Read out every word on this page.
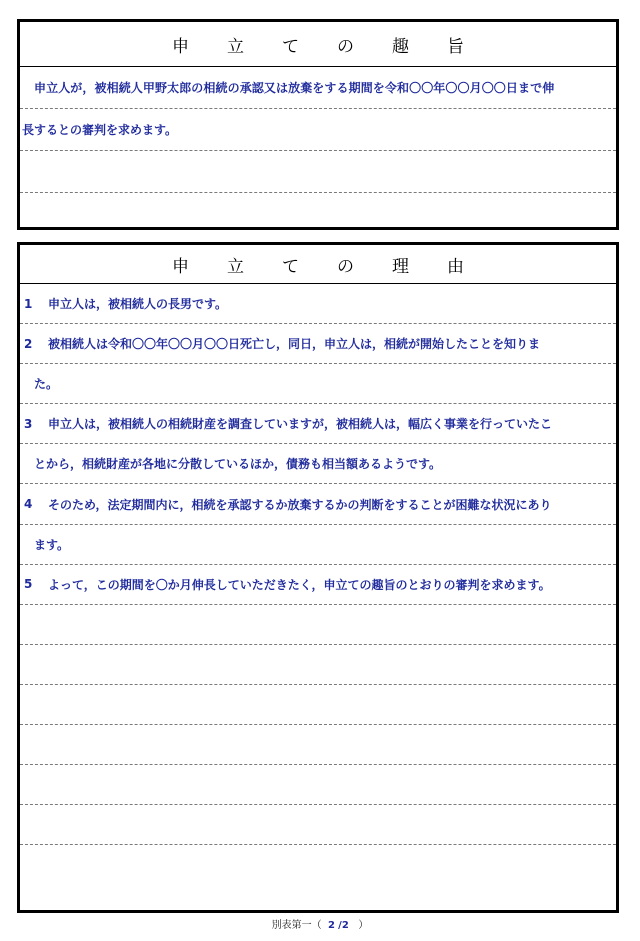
申立ての趣旨
申立人が，被相続人甲野太郎の相続の承認又は放棄をする期間を令和〇〇年〇〇月〇〇日まで伸
長するとの審判を求めます。
申立ての理由
1	申立人は，被相続人の長男です。
2	被相続人は令和〇〇年〇〇月〇〇日死亡し，同日，申立人は，相続が開始したことを知りま
た。
3	申立人は，被相続人の相続財産を調査していますが，被相続人は，幅広く事業を行っていたこ
とから，相続財産が各地に分散しているほか，債務も相当額あるようです。
4	そのため，法定期間内に，相続を承認するか放棄するかの判断をすることが困難な状況にあり
ます。
5	よって，この期間を〇か月伸長していただきたく，申立ての趣旨のとおりの審判を求めます。
別表第一（ 2 /2 ）
